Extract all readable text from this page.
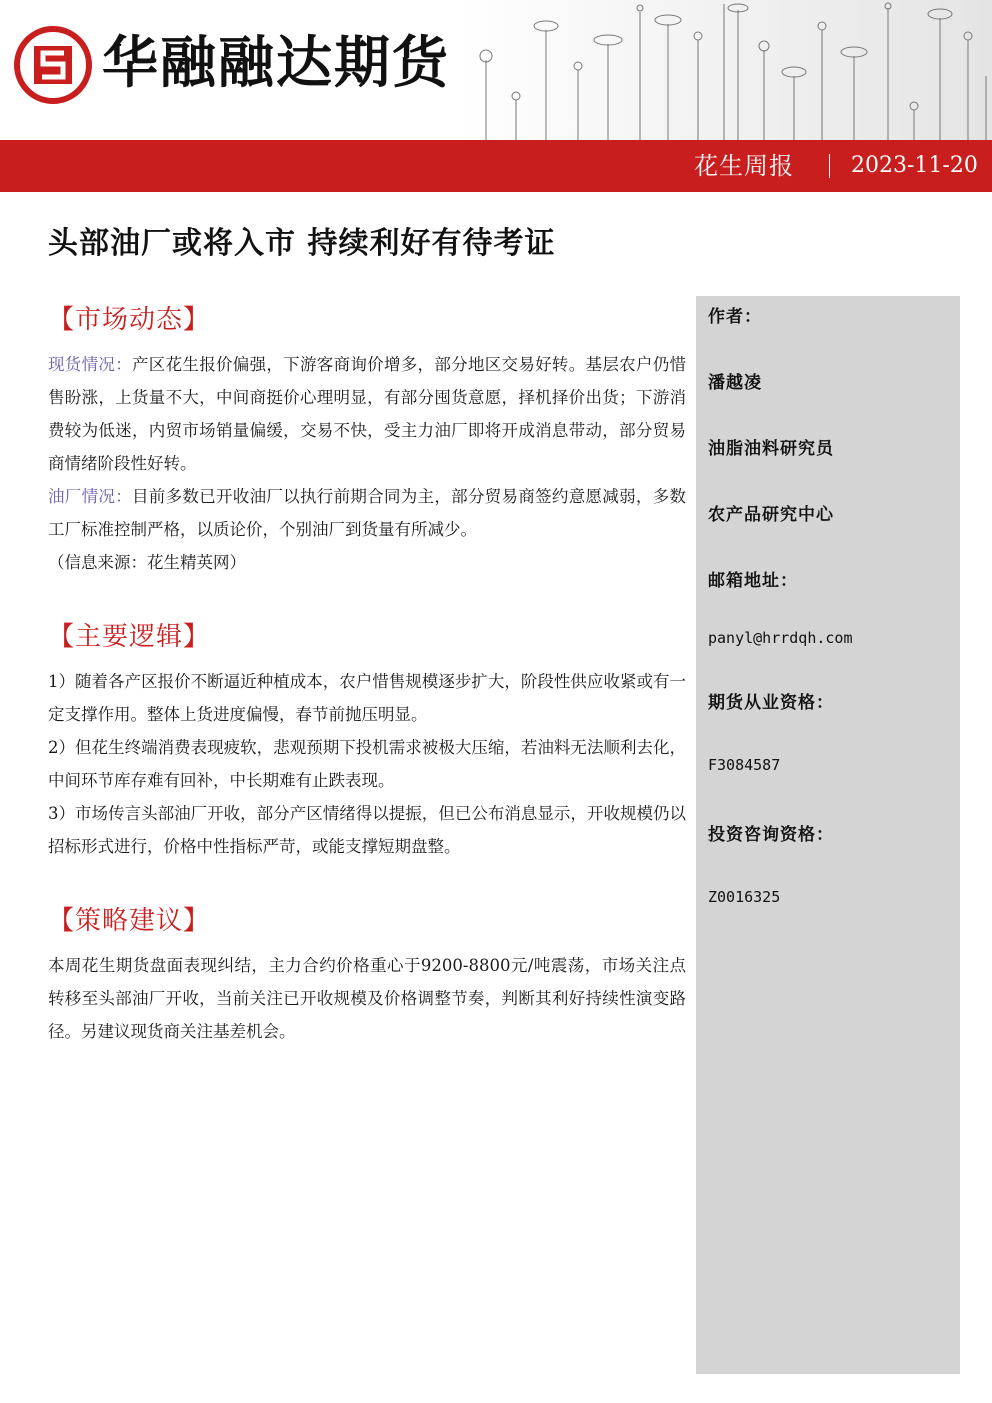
华融融达期货
花生周报	2023-11-20
头部油厂或将入市 持续利好有待考证
【市场动态】

现货情况：产区花生报价偏强，下游客商询价增多，部分地区交易好转。基层农户仍惜售盼涨，上货量不大，中间商挺价心理明显，有部分囤货意愿，择机择价出货；下游消费较为低迷，内贸市场销量偏缓，交易不快，受主力油厂即将开成消息带动，部分贸易商情绪阶段性好转。

油厂情况：目前多数已开收油厂以执行前期合同为主，部分贸易商签约意愿减弱，多数工厂标准控制严格，以质论价，个别油厂到货量有所减少。

（信息来源：花生精英网）

【主要逻辑】

1）随着各产区报价不断逼近种植成本，农户惜售规模逐步扩大，阶段性供应收紧或有一定支撑作用。整体上货进度偏慢，春节前抛压明显。

2）但花生终端消费表现疲软，悲观预期下投机需求被极大压缩，若油料无法顺利去化，中间环节库存难有回补，中长期难有止跌表现。

3）市场传言头部油厂开收，部分产区情绪得以提振，但已公布消息显示，开收规模仍以招标形式进行，价格中性指标严苛，或能支撑短期盘整。

【策略建议】

本周花生期货盘面表现纠结，主力合约价格重心于9200-8800元/吨震荡，市场关注点转移至头部油厂开收，当前关注已开收规模及价格调整节奏，判断其利好持续性演变路径。另建议现货商关注基差机会。

作者：
潘越凌
油脂油料研究员
农产品研究中心
邮箱地址：
panyl@hrrdqh.com
期货从业资格：
F3084587
投资咨询资格：
Z0016325
